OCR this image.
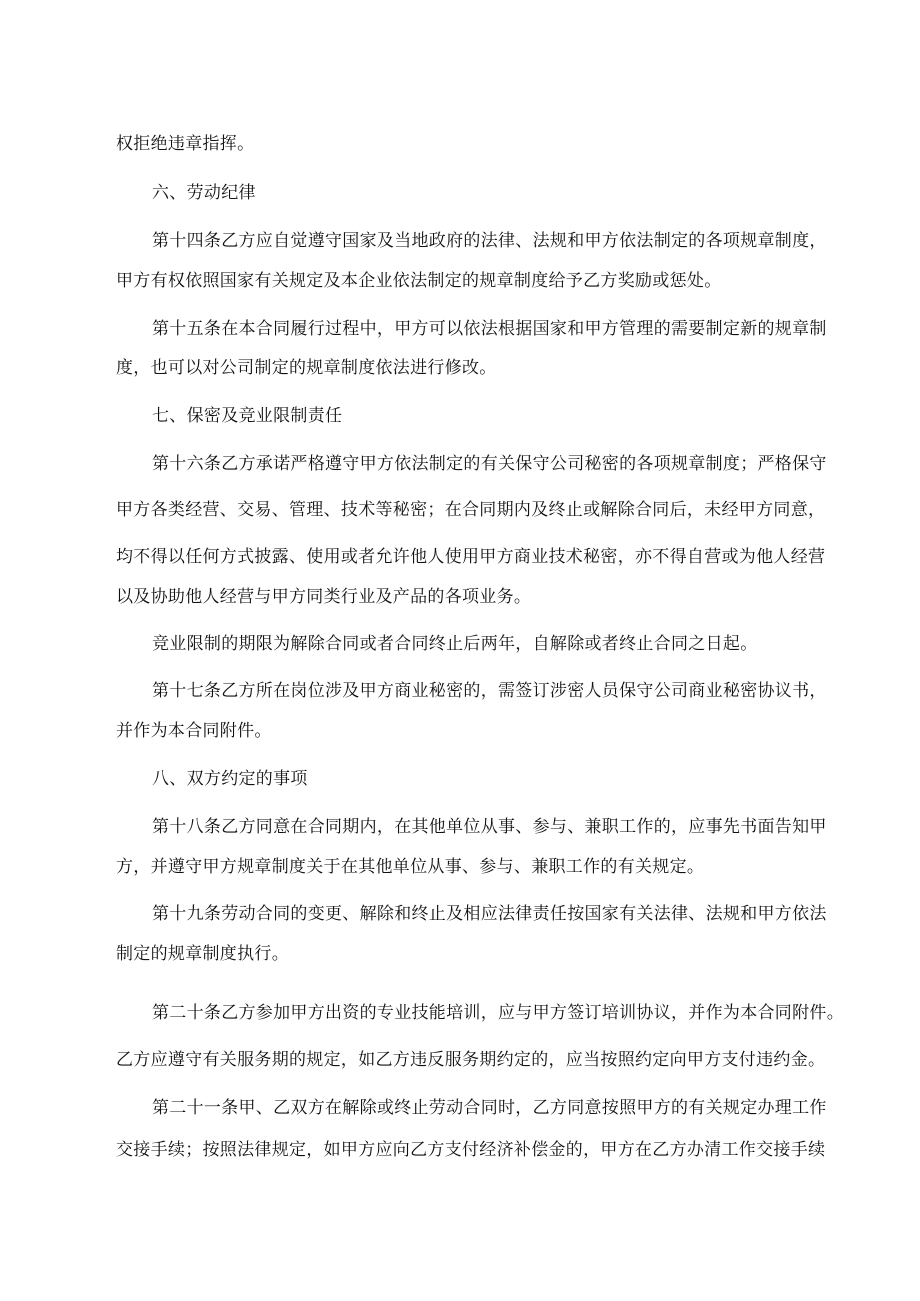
权拒绝违章指挥。
六、劳动纪律
第十四条乙方应自觉遵守国家及当地政府的法律、法规和甲方依法制定的各项规章制度，
甲方有权依照国家有关规定及本企业依法制定的规章制度给予乙方奖励或惩处。
第十五条在本合同履行过程中，甲方可以依法根据国家和甲方管理的需要制定新的规章制
度，也可以对公司制定的规章制度依法进行修改。
七、保密及竞业限制责任
第十六条乙方承诺严格遵守甲方依法制定的有关保守公司秘密的各项规章制度；严格保守
甲方各类经营、交易、管理、技术等秘密；在合同期内及终止或解除合同后，未经甲方同意，
均不得以任何方式披露、使用或者允许他人使用甲方商业技术秘密，亦不得自营或为他人经营
以及协助他人经营与甲方同类行业及产品的各项业务。
竞业限制的期限为解除合同或者合同终止后两年，自解除或者终止合同之日起。
第十七条乙方所在岗位涉及甲方商业秘密的，需签订涉密人员保守公司商业秘密协议书，
并作为本合同附件。
八、双方约定的事项
第十八条乙方同意在合同期内，在其他单位从事、参与、兼职工作的，应事先书面告知甲
方，并遵守甲方规章制度关于在其他单位从事、参与、兼职工作的有关规定。
第十九条劳动合同的变更、解除和终止及相应法律责任按国家有关法律、法规和甲方依法
制定的规章制度执行。
第二十条乙方参加甲方出资的专业技能培训，应与甲方签订培训协议，并作为本合同附件。
乙方应遵守有关服务期的规定，如乙方违反服务期约定的，应当按照约定向甲方支付违约金。
第二十一条甲、乙双方在解除或终止劳动合同时，乙方同意按照甲方的有关规定办理工作
交接手续；按照法律规定，如甲方应向乙方支付经济补偿金的，甲方在乙方办清工作交接手续
